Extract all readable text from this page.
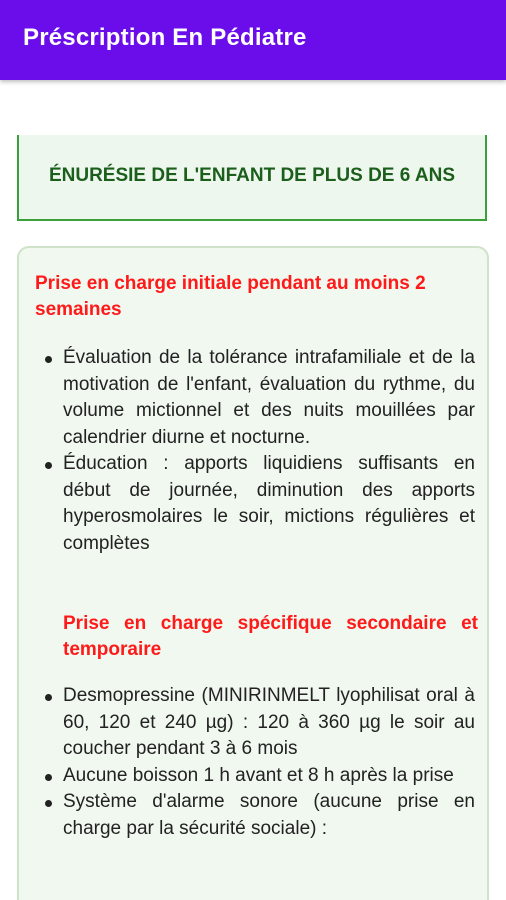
Préscription En Pédiatre
ÉNURÉSIE DE L'ENFANT DE PLUS DE 6 ANS
Prise en charge initiale pendant au moins 2 semaines
Évaluation de la tolérance intrafamiliale et de la motivation de l'enfant, évaluation du rythme, du volume mictionnel et des nuits mouillées par calendrier diurne et nocturne.
Éducation : apports liquidiens suffisants en début de journée, diminution des apports hyperosmolaires le soir, mictions régulières et complètes
Prise en charge spécifique secondaire et temporaire
Desmopressine (MINIRINMELT lyophilisat oral à 60, 120 et 240 µg) : 120 à 360 µg le soir au coucher pendant 3 à 6 mois
Aucune boisson 1 h avant et 8 h après la prise
Système d'alarme sonore (aucune prise en charge par la sécurité sociale) :
